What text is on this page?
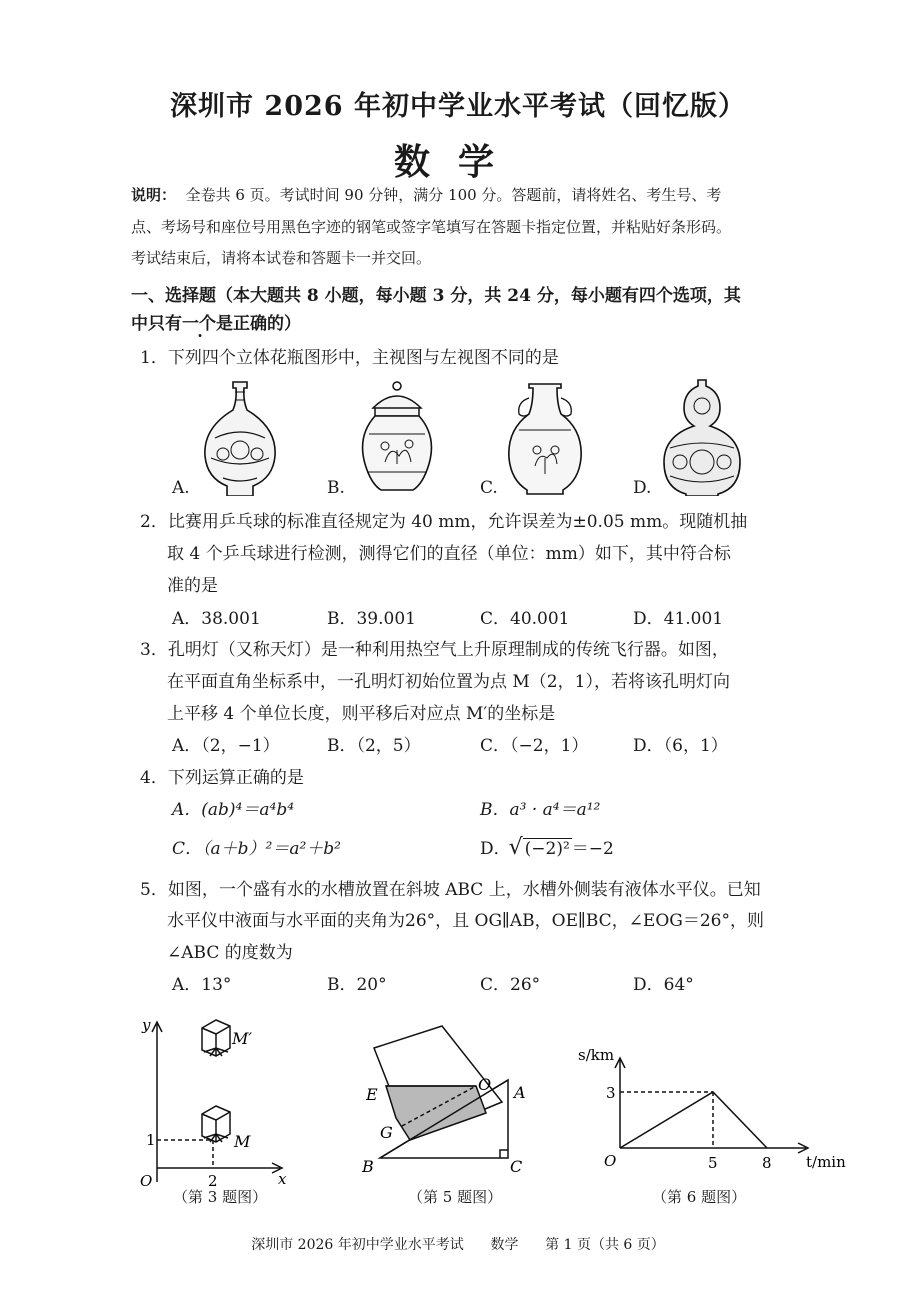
深圳市 2026 年初中学业水平考试（回忆版）
数学
说明： 全卷共 6 页。考试时间 90 分钟，满分 100 分。答题前，请将姓名、考生号、考
点、考场号和座位号用黑色字迹的钢笔或签字笔填写在答题卡指定位置，并粘贴好条形码。
考试结束后，请将本试卷和答题卡一并交回。
一、选择题（本大题共 8 小题，每小题 3 分，共 24 分，每小题有四个选项，其
中只有一个是正确的）
1．下列四个立体花瓶图形中，主视图与左视图不同的是
A.	B.	C.	D.
2．比赛用乒乓球的标准直径规定为 40 mm，允许误差为±0.05 mm。现随机抽
取 4 个乒乓球进行检测，测得它们的直径（单位：mm）如下，其中符合标
准的是
A．38.001	B．39.001	C．40.001	D．41.001
3．孔明灯（又称天灯）是一种利用热空气上升原理制成的传统飞行器。如图，
在平面直角坐标系中，一孔明灯初始位置为点 M（2，1），若将该孔明灯向
上平移 4 个单位长度，则平移后对应点 M′的坐标是
A．（2，−1）	B．（2，5）	C．（−2，1）	D．（6，1）
4．下列运算正确的是
A．(ab)⁴＝a⁴b⁴	B．a³ · a⁴＝a¹²
C．（a＋b）²＝a²＋b²	D．√ (−2)² ＝−2
5．如图，一个盛有水的水槽放置在斜坡 ABC 上，水槽外侧装有液体水平仪。已知
水平仪中液面与水平面的夹角为26°，且 OG∥AB，OE∥BC，∠EOG＝26°，则
∠ABC 的度数为
A．13°	B．20°	C．26°	D．64°
y
x
O
1
2
M
M′
（第 3 题图）
E
O A
G
B	C
（第 5 题图）
s/km
t/min
O
3
5	8
（第 6 题图）
深圳市 2026 年初中学业水平考试      数学      第 1 页（共 6 页）
